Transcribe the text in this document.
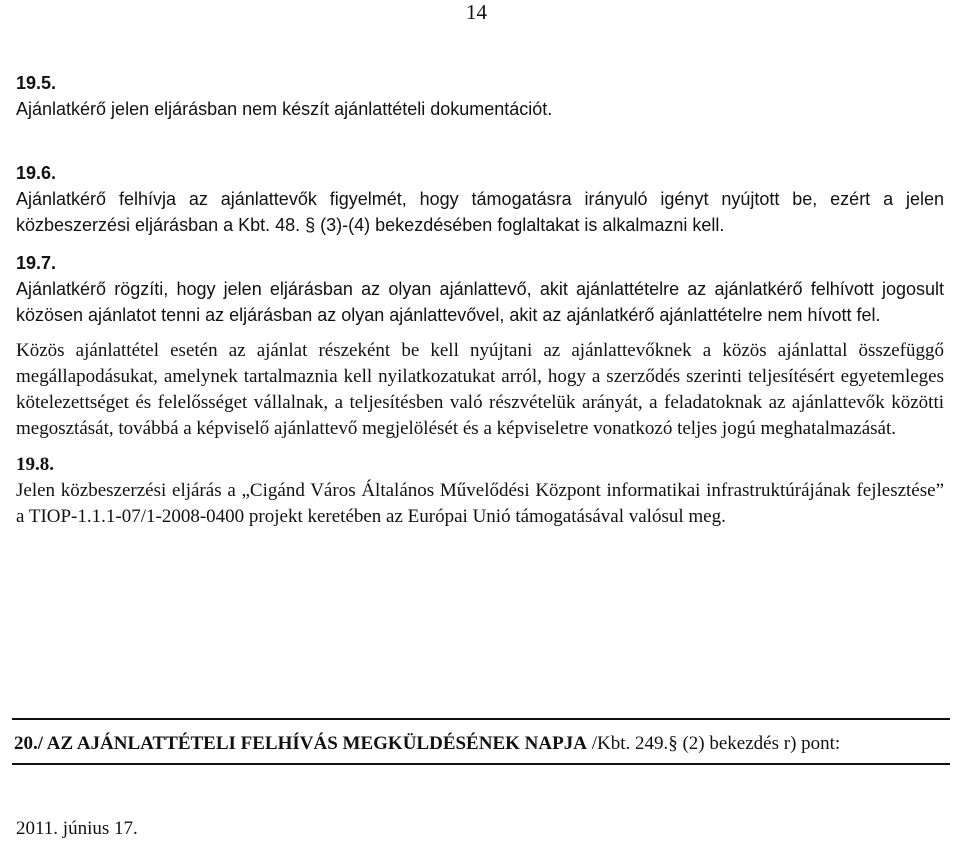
14
19.5.

Ajánlatkérő jelen eljárásban nem készít ajánlattételi dokumentációt.

19.6.

Ajánlatkérő felhívja az ajánlattevők figyelmét, hogy támogatásra irányuló igényt nyújtott be, ezért a jelen közbeszerzési eljárásban a Kbt. 48. § (3)-(4) bekezdésében foglaltakat is alkalmazni kell.

19.7.

Ajánlatkérő rögzíti, hogy jelen eljárásban az olyan ajánlattevő, akit ajánlattételre az ajánlatkérő felhívott jogosult közösen ajánlatot tenni az eljárásban az olyan ajánlattevővel, akit az ajánlatkérő ajánlattételre nem hívott fel.

Közös ajánlattétel esetén az ajánlat részeként be kell nyújtani az ajánlattevőknek a közös ajánlattal összefüggő megállapodásukat, amelynek tartalmaznia kell nyilatkozatukat arról, hogy a szerződés szerinti teljesítésért egyetemleges kötelezettséget és felelősséget vállalnak, a teljesítésben való részvételük arányát, a feladatoknak az ajánlattevők közötti megosztását, továbbá a képviselő ajánlattevő megjelölését és a képviseletre vonatkozó teljes jogú meghatalmazását.

19.8.

Jelen közbeszerzési eljárás a „Cigánd Város Általános Művelődési Központ informatikai infrastruktúrájának fejlesztése” a TIOP-1.1.1-07/1-2008-0400 projekt keretében az Európai Unió támogatásával valósul meg.

20./ AZ AJÁNLATTÉTELI FELHÍVÁS MEGKÜLDÉSÉNEK NAPJA /Kbt. 249.§ (2) bekezdés r) pont:
2011. június 17.
